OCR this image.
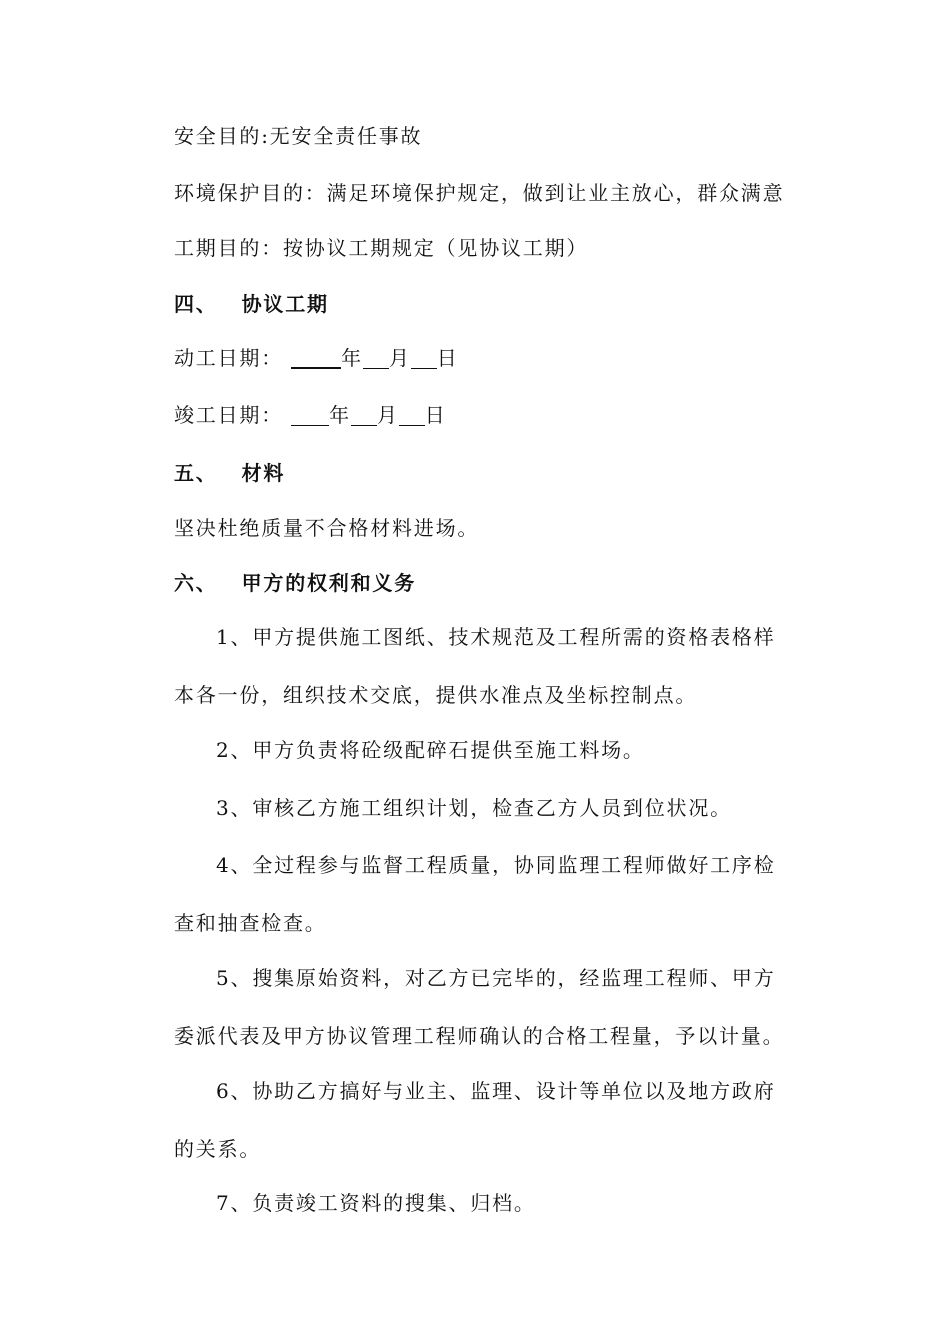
安全目的:无安全责任事故
环境保护目的：满足环境保护规定，做到让业主放心，群众满意
工期目的：按协议工期规定（见协议工期）
四、 协议工期
动工日期：	年 月 日
竣工日期： 年 月 日
五、 材料
坚决杜绝质量不合格材料进场。
六、 甲方的权利和义务
1、甲方提供施工图纸、技术规范及工程所需的资格表格样
本各一份，组织技术交底，提供水准点及坐标控制点。
2、甲方负责将砼级配碎石提供至施工料场。
3、审核乙方施工组织计划，检查乙方人员到位状况。
4、全过程参与监督工程质量，协同监理工程师做好工序检
查和抽查检查。
5、搜集原始资料，对乙方已完毕的，经监理工程师、甲方
委派代表及甲方协议管理工程师确认的合格工程量，予以计量。
6、协助乙方搞好与业主、监理、设计等单位以及地方政府
的关系。
7、负责竣工资料的搜集、归档。
